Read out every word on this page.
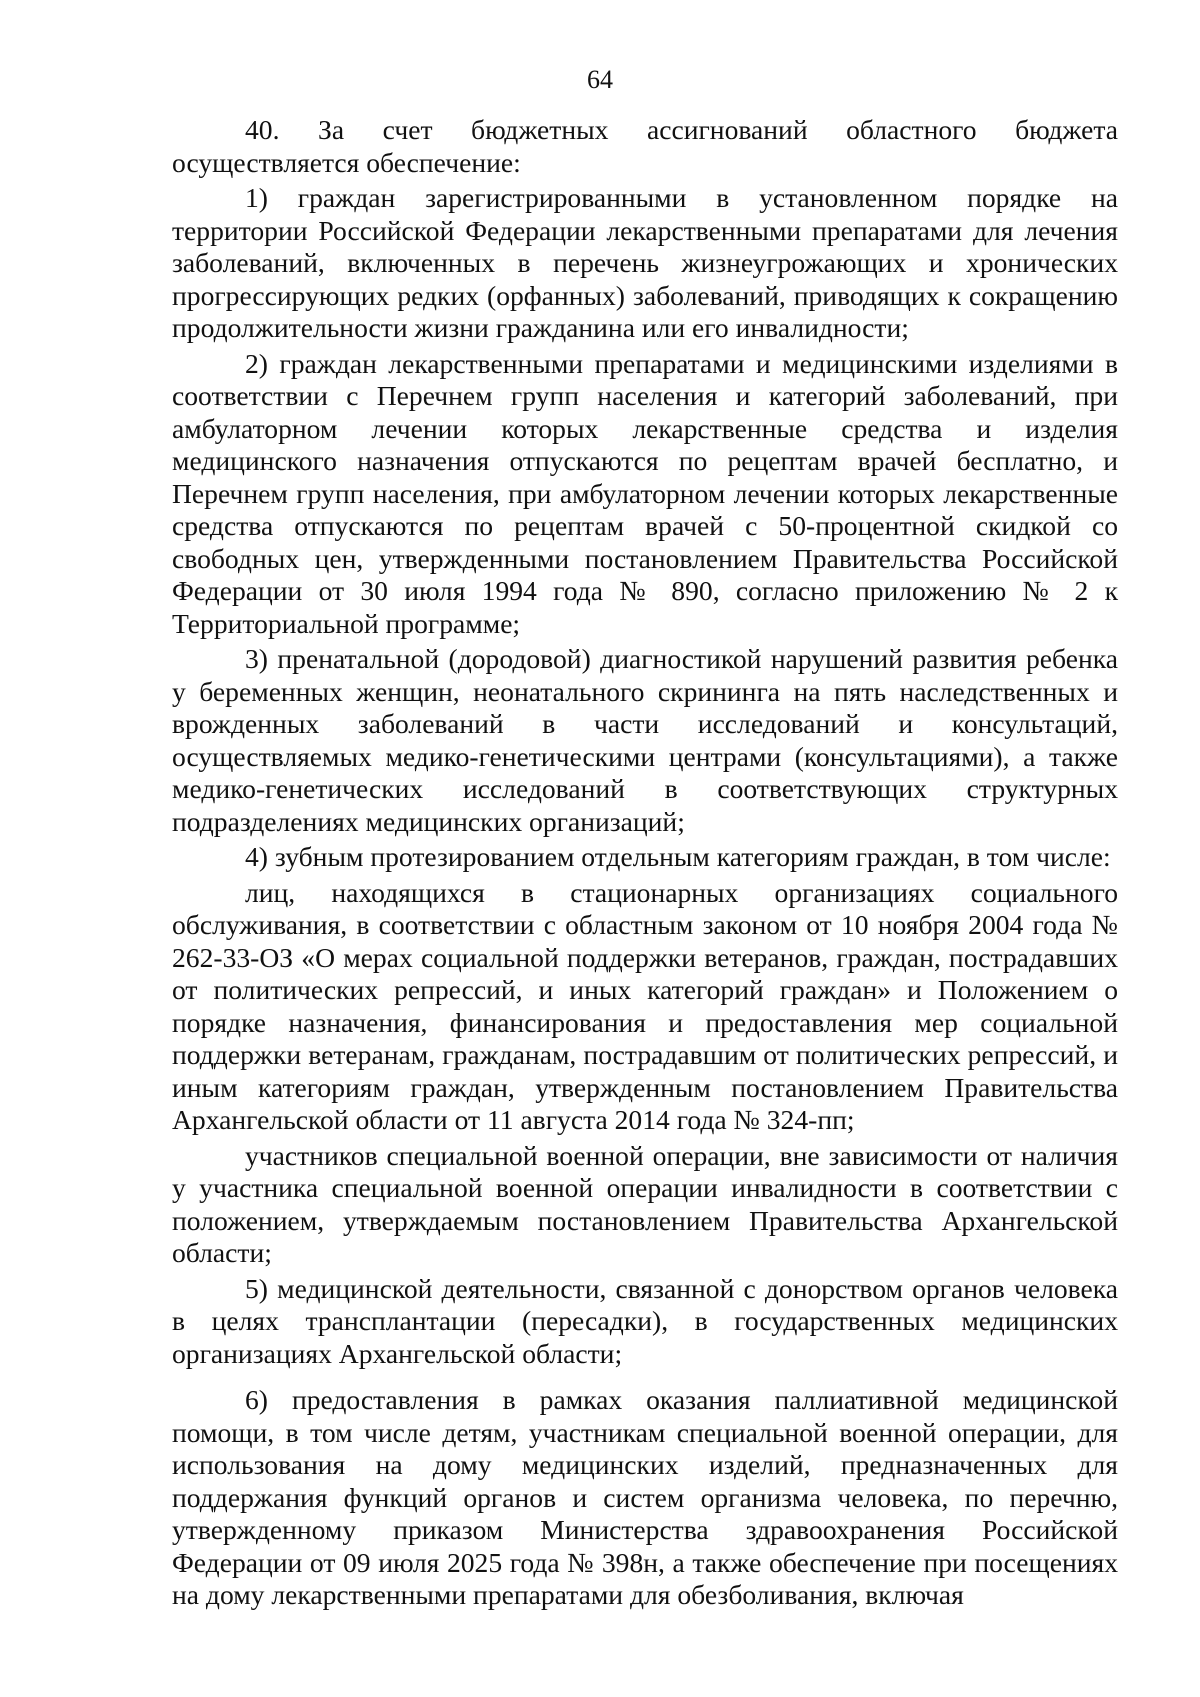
64

40. За счет бюджетных ассигнований областного бюджета осуществляется обеспечение:

1) граждан зарегистрированными в установленном порядке на территории Российской Федерации лекарственными препаратами для лечения заболеваний, включенных в перечень жизнеугрожающих и хронических прогрессирующих редких (орфанных) заболеваний, приводящих к сокращению продолжительности жизни гражданина или его инвалидности;

2) граждан лекарственными препаратами и медицинскими изделиями в соответствии с Перечнем групп населения и категорий заболеваний, при амбулаторном лечении которых лекарственные средства и изделия медицинского назначения отпускаются по рецептам врачей бесплатно, и Перечнем групп населения, при амбулаторном лечении которых лекарственные средства отпускаются по рецептам врачей с 50-процентной скидкой со свободных цен, утвержденными постановлением Правительства Российской Федерации от 30 июля 1994 года № 890, согласно приложению № 2 к Территориальной программе;

3) пренатальной (дородовой) диагностикой нарушений развития ребенка у беременных женщин, неонатального скрининга на пять наследственных и врожденных заболеваний в части исследований и консультаций, осуществляемых медико-генетическими центрами (консультациями), а также медико-генетических исследований в соответствующих структурных подразделениях медицинских организаций;

4) зубным протезированием отдельным категориям граждан, в том числе:

лиц, находящихся в стационарных организациях социального обслуживания, в соответствии с областным законом от 10 ноября 2004 года № 262-33-ОЗ «О мерах социальной поддержки ветеранов, граждан, пострадавших от политических репрессий, и иных категорий граждан» и Положением о порядке назначения, финансирования и предоставления мер социальной поддержки ветеранам, гражданам, пострадавшим от политических репрессий, и иным категориям граждан, утвержденным постановлением Правительства Архангельской области от 11 августа 2014 года № 324-пп;

участников специальной военной операции, вне зависимости от наличия у участника специальной военной операции инвалидности в соответствии с положением, утверждаемым постановлением Правительства Архангельской области;

5) медицинской деятельности, связанной с донорством органов человека в целях трансплантации (пересадки), в государственных медицинских организациях Архангельской области;

6) предоставления в рамках оказания паллиативной медицинской помощи, в том числе детям, участникам специальной военной операции, для использования на дому медицинских изделий, предназначенных для поддержания функций органов и систем организма человека, по перечню, утвержденному приказом Министерства здравоохранения Российской Федерации от 09 июля 2025 года № 398н, а также обеспечение при посещениях на дому лекарственными препаратами для обезболивания, включая
